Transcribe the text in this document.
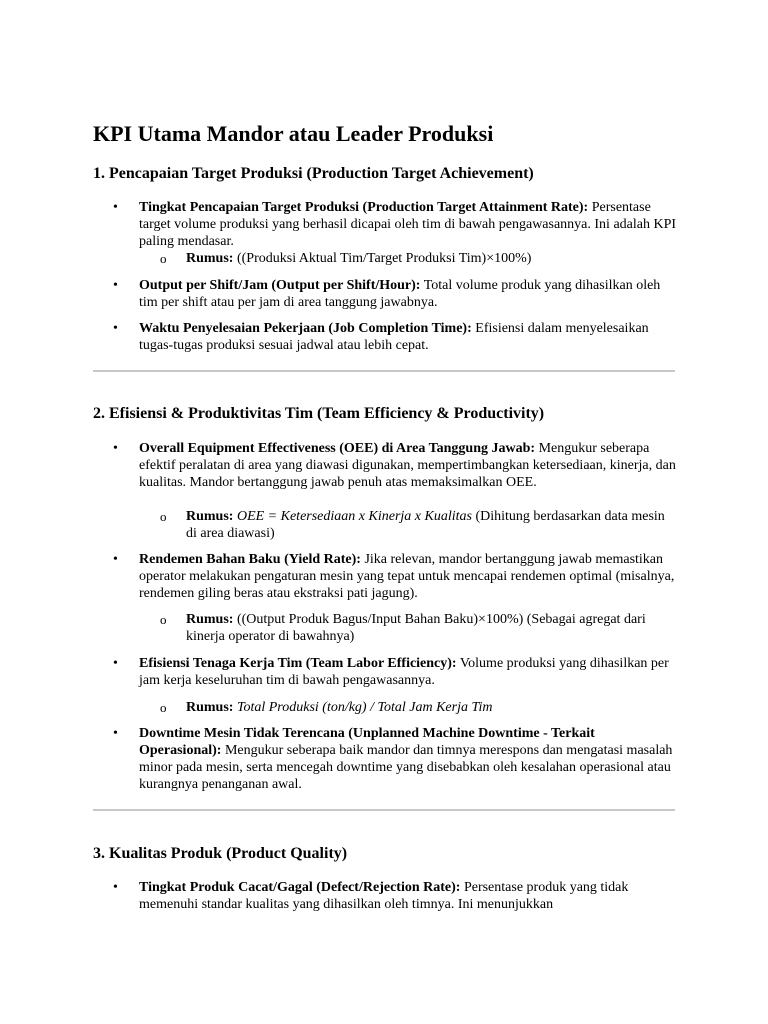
KPI Utama Mandor atau Leader Produksi
1. Pencapaian Target Produksi (Production Target Achievement)
• Tingkat Pencapaian Target Produksi (Production Target Attainment Rate): Persentase target volume produksi yang berhasil dicapai oleh tim di bawah pengawasannya. Ini adalah KPI paling mendasar.
o Rumus: ((Produksi Aktual Tim/Target Produksi Tim)×100%)
• Output per Shift/Jam (Output per Shift/Hour): Total volume produk yang dihasilkan oleh tim per shift atau per jam di area tanggung jawabnya.
• Waktu Penyelesaian Pekerjaan (Job Completion Time): Efisiensi dalam menyelesaikan tugas-tugas produksi sesuai jadwal atau lebih cepat.
2. Efisiensi & Produktivitas Tim (Team Efficiency & Productivity)
• Overall Equipment Effectiveness (OEE) di Area Tanggung Jawab: Mengukur seberapa efektif peralatan di area yang diawasi digunakan, mempertimbangkan ketersediaan, kinerja, dan kualitas. Mandor bertanggung jawab penuh atas memaksimalkan OEE.
o Rumus: OEE = Ketersediaan x Kinerja x Kualitas (Dihitung berdasarkan data mesin di area diawasi)
• Rendemen Bahan Baku (Yield Rate): Jika relevan, mandor bertanggung jawab memastikan operator melakukan pengaturan mesin yang tepat untuk mencapai rendemen optimal (misalnya, rendemen giling beras atau ekstraksi pati jagung).
o Rumus: ((Output Produk Bagus/Input Bahan Baku)×100%) (Sebagai agregat dari kinerja operator di bawahnya)
• Efisiensi Tenaga Kerja Tim (Team Labor Efficiency): Volume produksi yang dihasilkan per jam kerja keseluruhan tim di bawah pengawasannya.
o Rumus: Total Produksi (ton/kg) / Total Jam Kerja Tim
• Downtime Mesin Tidak Terencana (Unplanned Machine Downtime - Terkait Operasional): Mengukur seberapa baik mandor dan timnya merespons dan mengatasi masalah minor pada mesin, serta mencegah downtime yang disebabkan oleh kesalahan operasional atau kurangnya penanganan awal.
3. Kualitas Produk (Product Quality)
• Tingkat Produk Cacat/Gagal (Defect/Rejection Rate): Persentase produk yang tidak memenuhi standar kualitas yang dihasilkan oleh timnya. Ini menunjukkan
